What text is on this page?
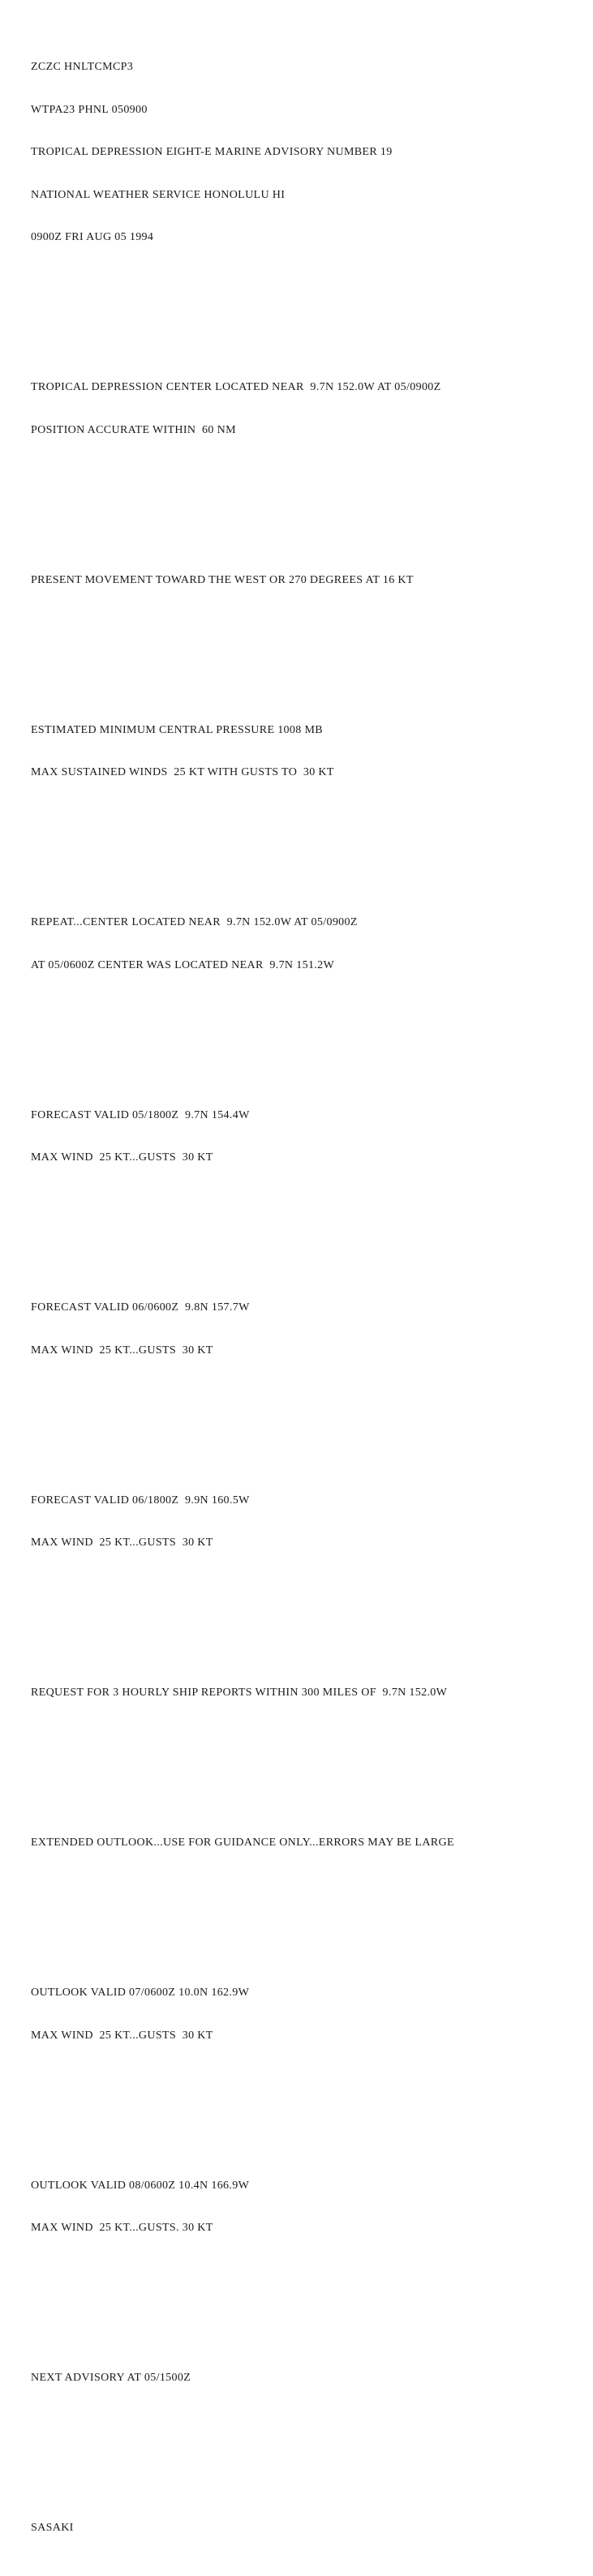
ZCZC HNLTCMCP3

WTPA23 PHNL 050900

TROPICAL DEPRESSION EIGHT-E MARINE ADVISORY NUMBER 19

NATIONAL WEATHER SERVICE HONOLULU HI

0900Z FRI AUG 05 1994

TROPICAL DEPRESSION CENTER LOCATED NEAR  9.7N 152.0W AT 05/0900Z

POSITION ACCURATE WITHIN  60 NM

PRESENT MOVEMENT TOWARD THE WEST OR 270 DEGREES AT 16 KT

ESTIMATED MINIMUM CENTRAL PRESSURE 1008 MB

MAX SUSTAINED WINDS  25 KT WITH GUSTS TO  30 KT

REPEAT...CENTER LOCATED NEAR  9.7N 152.0W AT 05/0900Z

AT 05/0600Z CENTER WAS LOCATED NEAR  9.7N 151.2W

FORECAST VALID 05/1800Z  9.7N 154.4W

MAX WIND  25 KT...GUSTS  30 KT

FORECAST VALID 06/0600Z  9.8N 157.7W

MAX WIND  25 KT...GUSTS  30 KT

FORECAST VALID 06/1800Z  9.9N 160.5W

MAX WIND  25 KT...GUSTS  30 KT

REQUEST FOR 3 HOURLY SHIP REPORTS WITHIN 300 MILES OF  9.7N 152.0W

EXTENDED OUTLOOK...USE FOR GUIDANCE ONLY...ERRORS MAY BE LARGE

OUTLOOK VALID 07/0600Z 10.0N 162.9W

MAX WIND  25 KT...GUSTS  30 KT

OUTLOOK VALID 08/0600Z 10.4N 166.9W

MAX WIND  25 KT...GUSTS. 30 KT

NEXT ADVISORY AT 05/1500Z

SASAKI
